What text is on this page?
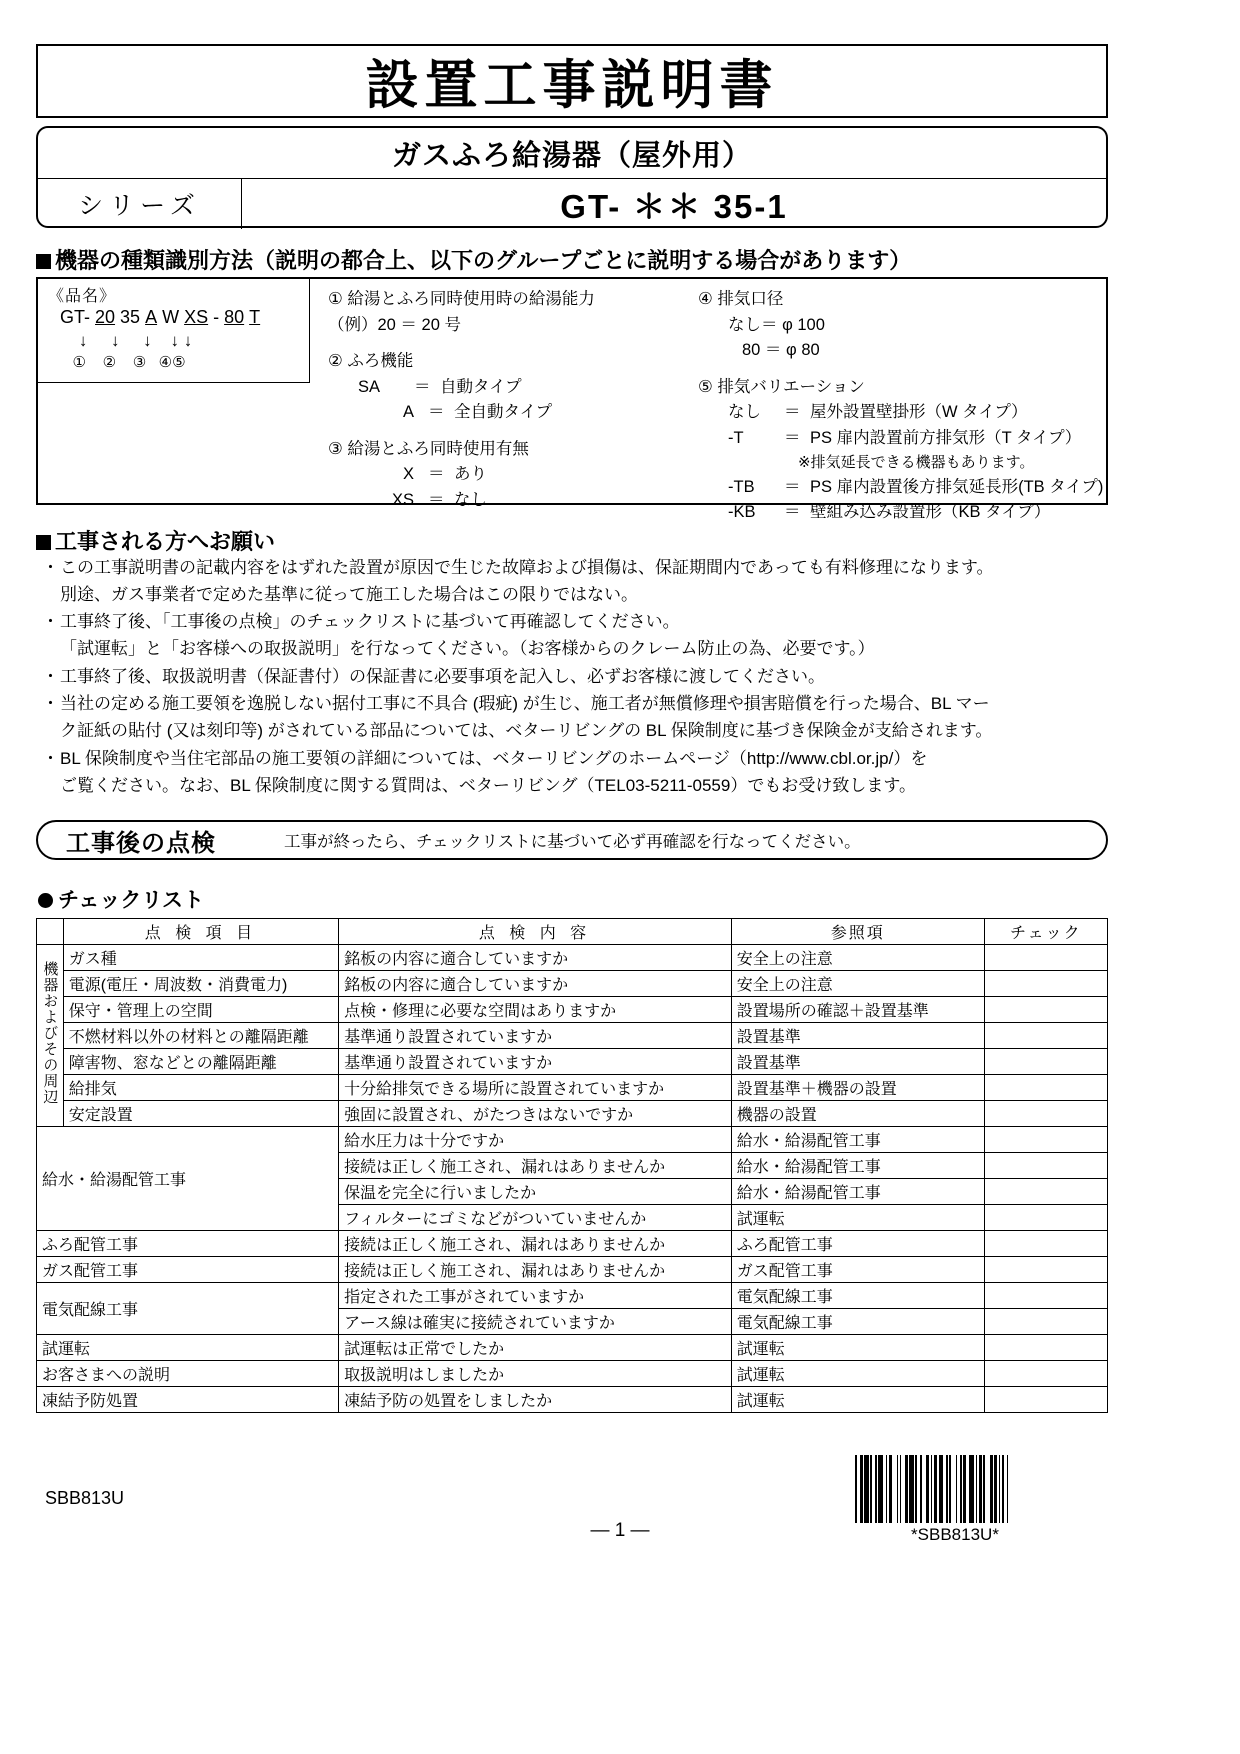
設置工事説明書
ガスふろ給湯器（屋外用）
シリーズ	GT- ＊＊ 35-1
機器の種類識別方法（説明の都合上、以下のグループごとに説明する場合があります）
《品名》
GT- 20 35 A W XS - 80 T
↓     ↓     ↓    ↓ ↓
①    ②    ③   ④⑤
① 給湯とふろ同時使用時の給湯能力
（例）20 ＝ 20 号
② ふろ機能
SA	＝ 自動タイプ
A ＝ 全自動タイプ
③ 給湯とふろ同時使用有無
X ＝ あり
XS ＝ なし
④ 排気口径
なし＝ φ 100
80 ＝ φ 80
⑤ 排気バリエーション
なし	＝ 屋外設置壁掛形（W タイプ）
-T	＝ PS 扉内設置前方排気形（T タイプ）
※排気延長できる機器もあります。
-TB	＝ PS 扉内設置後方排気延長形(TB タイプ)
-KB	＝ 壁組み込み設置形（KB タイプ）
工事される方へお願い
・ この工事説明書の記載内容をはずれた設置が原因で生じた故障および損傷は、保証期間内であっても有料修理になります。
別途、ガス事業者で定めた基準に従って施工した場合はこの限りではない。
・ 工事終了後、「工事後の点検」のチェックリストに基づいて再確認してください。
「試運転」と「お客様への取扱説明」を行なってください。（お客様からのクレーム防止の為、必要です。）
・ 工事終了後、取扱説明書（保証書付）の保証書に必要事項を記入し、必ずお客様に渡してください。
・ 当社の定める施工要領を逸脱しない据付工事に不具合 (瑕疵) が生じ、施工者が無償修理や損害賠償を行った場合、BL マー
ク証紙の貼付 (又は刻印等) がされている部品については、ベターリビングの BL 保険制度に基づき保険金が支給されます。
・ BL 保険制度や当住宅部品の施工要領の詳細については、ベターリビングのホームページ（http://www.cbl.or.jp/）を
ご覧ください。なお、BL 保険制度に関する質問は、ベターリビング（TEL03-5211-0559）でもお受け致します。
工事後の点検	工事が終ったら、チェックリストに基づいて必ず再確認を行なってください。
チェックリスト
	点 検 項 目	点 検 内 容	参照項	チェック
機器およびその周辺	ガス種	銘板の内容に適合していますか	安全上の注意	
	電源(電圧・周波数・消費電力)	銘板の内容に適合していますか	安全上の注意	
	保守・管理上の空間	点検・修理に必要な空間はありますか	設置場所の確認＋設置基準	
	不燃材料以外の材料との離隔距離	基準通り設置されていますか	設置基準	
	障害物、窓などとの離隔距離	基準通り設置されていますか	設置基準	
	給排気	十分給排気できる場所に設置されていますか	設置基準＋機器の設置	
	安定設置	強固に設置され、がたつきはないですか	機器の設置	
給水・給湯配管工事		給水圧力は十分ですか	給水・給湯配管工事	
		接続は正しく施工され、漏れはありませんか	給水・給湯配管工事	
		保温を完全に行いましたか	給水・給湯配管工事	
		フィルターにゴミなどがついていませんか	試運転	
ふろ配管工事		接続は正しく施工され、漏れはありませんか	ふろ配管工事	
ガス配管工事		接続は正しく施工され、漏れはありませんか	ガス配管工事	
電気配線工事		指定された工事がされていますか	電気配線工事	
		アース線は確実に接続されていますか	電気配線工事	
試運転		試運転は正常でしたか	試運転	
お客さまへの説明		取扱説明はしましたか	試運転	
凍結予防処置		凍結予防の処置をしましたか	試運転	
SBB813U
— 1 —	*SBB813U*
